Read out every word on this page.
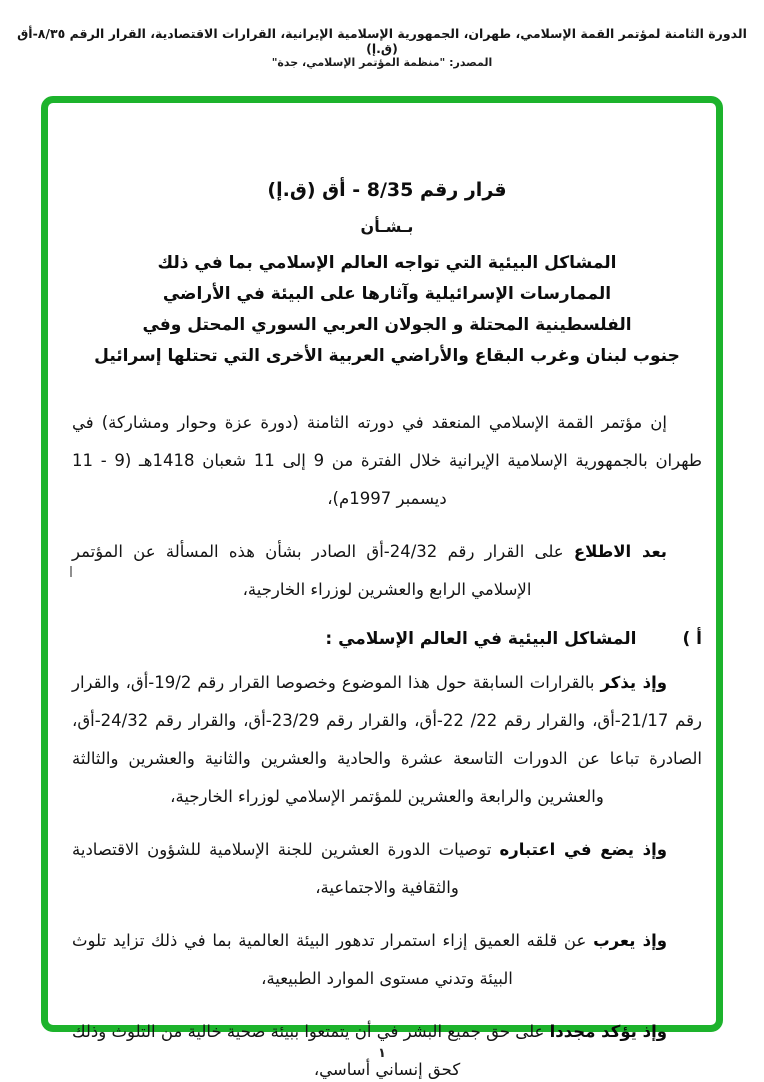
الدورة الثامنة لمؤتمر القمة الإسلامي، طهران، الجمهورية الإسلامية الإيرانية، القرارات الاقتصادية، القرار الرقم ٨/٣٥-أق (ق.إ)
المصدر: "منظمة المؤتمر الإسلامي، جدة"
قرار رقم 8/35 - أق (ق.إ)
بـشـأن
المشاكل البيئية التي تواجه العالم الإسلامي بما في ذلك
الممارسات الإسرائيلية وآثارها على البيئة في الأراضي
الفلسطينية المحتلة و الجولان العربي السوري المحتل وفي
جنوب لبنان وغرب البقاع والأراضي العربية الأخرى التي تحتلها إسرائيل

إن مؤتمر القمة الإسلامي المنعقد في دورته الثامنة (دورة عزة وحوار ومشاركة) في طهران بالجمهورية الإسلامية الإيرانية خلال الفترة من 9 إلى 11 شعبان 1418هـ (9 - 11 ديسمبر 1997م)،

بعد الاطلاع على القرار رقم 24/32-أق الصادر بشأن هذه المسألة عن المؤتمر الإسلامي الرابع والعشرين لوزراء الخارجية،

أ )
المشاكل البيئية في العالم الإسلامي :

وإذ يذكر بالقرارات السابقة حول هذا الموضوع وخصوصا القرار رقم 19/2-أق، والقرار رقم 21/17-أق، والقرار رقم 22/ 22-أق، والقرار رقم 23/29-أق، والقرار رقم 24/32-أق، الصادرة تباعا عن الدورات التاسعة عشرة والحادية والعشرين والثانية والعشرين والثالثة والعشرين والرابعة والعشرين للمؤتمر الإسلامي لوزراء الخارجية،

وإذ يضع في اعتباره توصيات الدورة العشرين للجنة الإسلامية للشؤون الاقتصادية والثقافية والاجتماعية،

وإذ يعرب عن قلقه العميق إزاء استمرار تدهور البيئة العالمية بما في ذلك تزايد تلوث البيئة وتدني مستوى الموارد الطبيعية،

وإذ يؤكد مجددا على حق جميع البشر في أن يتمتعوا ببيئة صحية خالية من التلوث وذلك كحق إنساني أساسي،

١
